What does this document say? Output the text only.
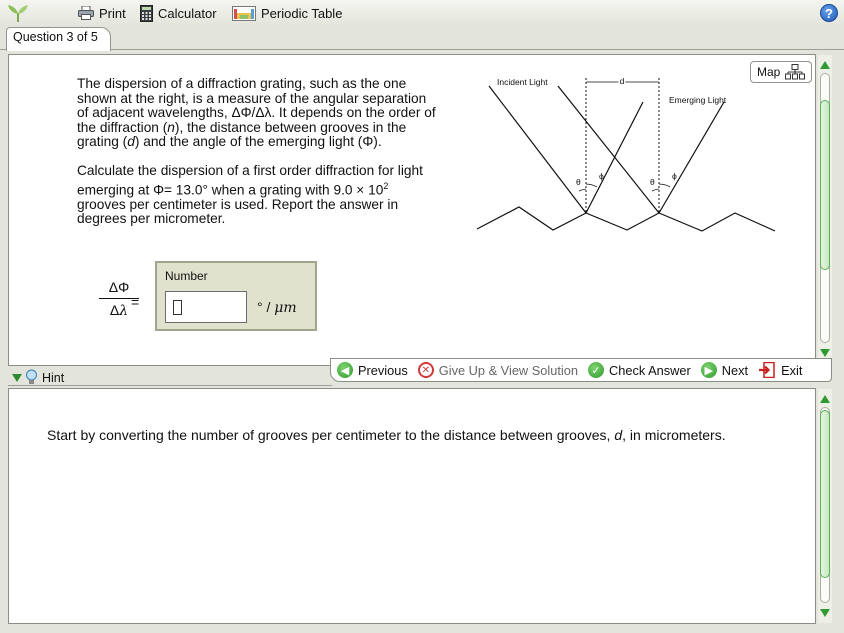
Print Calculator	Periodic Table	?
Question 3 of 5

The dispersion of a diffraction grating, such as the one shown at the right, is a measure of the angular separation of adjacent wavelengths, ΔΦ/Δλ. It depends on the order of the diffraction (n), the distance between grooves in the grating (d) and the angle of the emerging light (Φ).

Calculate the dispersion of a first order diffraction for light emerging at Φ= 13.0° when a grating with $9.0 \times 10^2$ grooves per centimeter is used. Report the answer in degrees per micrometer.

Map
Incident Light
Emerging Light
d
θ
ϕ
θ
ϕ
$\frac{\Delta\Phi}{\Delta\lambda}$
=
Number
° / μm
Hint
◀ Previous	✕ Give Up & View Solution	✓ Check Answer	▶ Next	Exit
Start by converting the number of grooves per centimeter to the distance between grooves, d, in micrometers.
